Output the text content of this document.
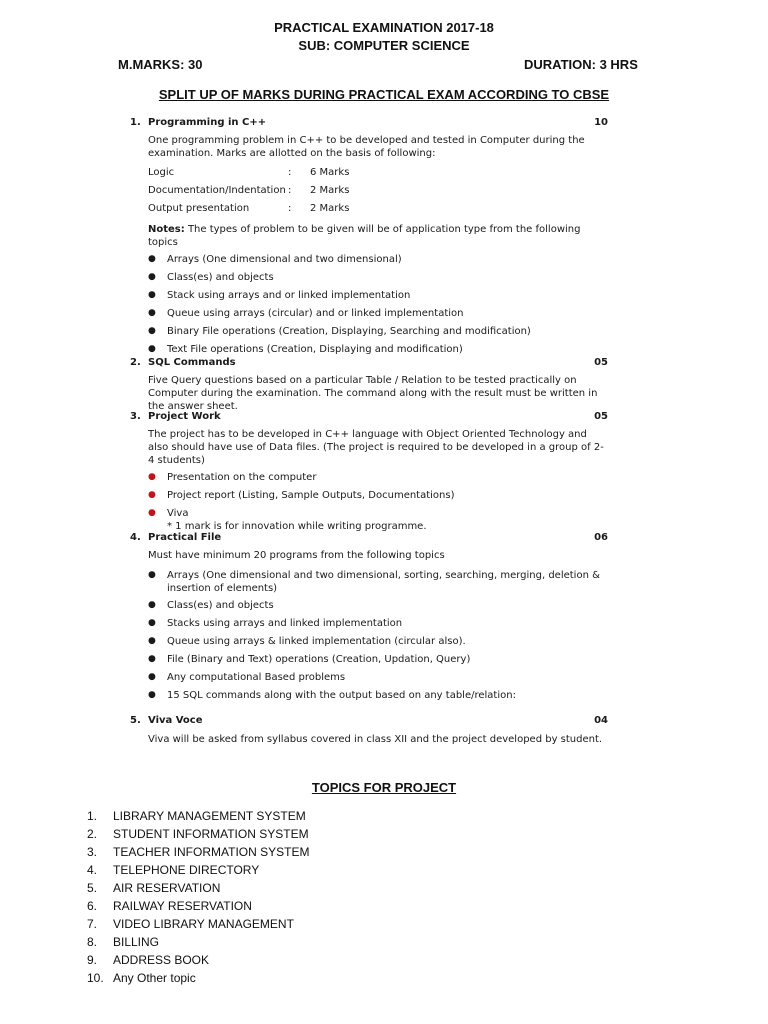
PRACTICAL EXAMINATION 2017-18
SUB: COMPUTER SCIENCE
M.MARKS: 30	DURATION: 3 HRS
SPLIT UP OF MARKS DURING PRACTICAL EXAM ACCORDING TO CBSE
1. Programming in C++	10
One programming problem in C++ to be developed and tested in Computer during the examination. Marks are allotted on the basis of following:
Logic	:	6 Marks
Documentation/Indentation :	2 Marks
Output presentation	:	2 Marks
Notes: The types of problem to be given will be of application type from the following topics
●	Arrays (One dimensional and two dimensional)
●	Class(es) and objects
●	Stack using arrays and or linked implementation
●	Queue using arrays (circular) and or linked implementation
●	Binary File operations (Creation, Displaying, Searching and modification)
●	Text File operations (Creation, Displaying and modification)
2. SQL Commands	05
Five Query questions based on a particular Table / Relation to be tested practically on Computer during the examination. The command along with the result must be written in the answer sheet.
3. Project Work	05
The project has to be developed in C++ language with Object Oriented Technology and also should have use of Data files. (The project is required to be developed in a group of 2-4 students)
●	Presentation on the computer
●	Project report (Listing, Sample Outputs, Documentations)
●	Viva
* 1 mark is for innovation while writing programme.
4. Practical File	06
Must have minimum 20 programs from the following topics
●	Arrays (One dimensional and two dimensional, sorting, searching, merging, deletion & insertion of elements)
●	Class(es) and objects
●	Stacks using arrays and linked implementation
●	Queue using arrays & linked implementation (circular also).
●	File (Binary and Text) operations (Creation, Updation, Query)
●	Any computational Based problems
●	15 SQL commands along with the output based on any table/relation:
5. Viva Voce	04
Viva will be asked from syllabus covered in class XII and the project developed by student.
TOPICS FOR PROJECT
1.	LIBRARY MANAGEMENT SYSTEM
2.	STUDENT INFORMATION SYSTEM
3.	TEACHER INFORMATION SYSTEM
4.	TELEPHONE DIRECTORY
5.	AIR RESERVATION
6.	RAILWAY RESERVATION
7.	VIDEO LIBRARY MANAGEMENT
8.	BILLING
9.	ADDRESS BOOK
10. Any Other topic
